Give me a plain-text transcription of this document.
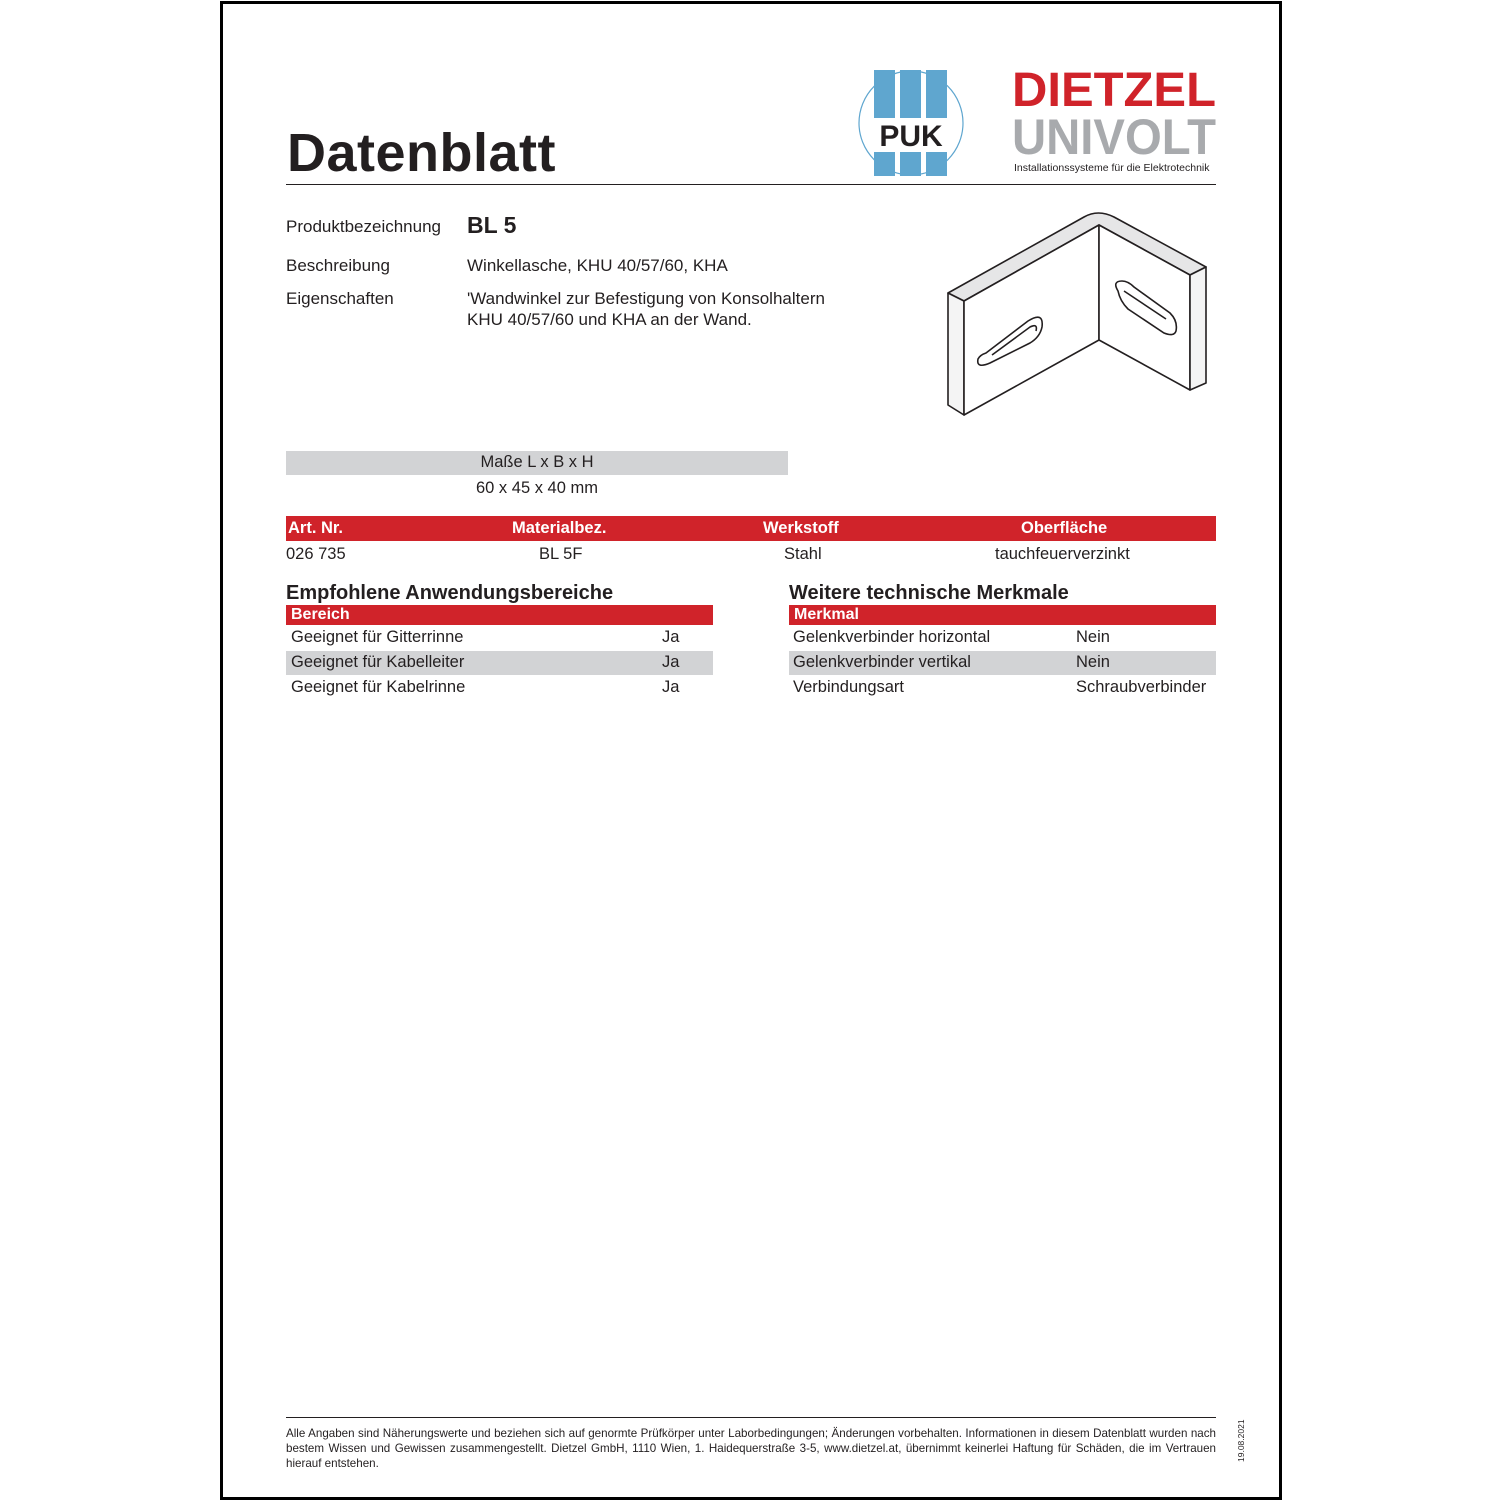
Datenblatt	PUK
DIETZEL
UNIVOLT
Installationssysteme für die Elektrotechnik
Produktbezeichnung BL 5
Beschreibung	Winkellasche, KHU 40/57/60, KHA
Eigenschaften	'Wandwinkel zur Befestigung von Konsolhaltern
KHU 40/57/60 und KHA an der Wand.
Maße L x B x H
60 x 45 x 40 mm
Art. Nr.	Materialbez.	Werkstoff	Oberfläche
026 735	BL 5F	Stahl	tauchfeuerverzinkt
Empfohlene Anwendungsbereiche
Bereich
Geeignet für Gitterrinne	Ja
Geeignet für Kabelleiter	Ja
Geeignet für Kabelrinne	Ja
Weitere technische Merkmale
Merkmal
Gelenkverbinder horizontal	Nein
Gelenkverbinder vertikal	Nein
Verbindungsart	Schraubverbinder
Alle Angaben sind Näherungswerte und beziehen sich auf genormte Prüfkörper unter Laborbedingungen; Änderungen vorbehalten. Informationen in diesem Datenblatt wurden nach bestem Wissen und Gewissen zusammengestellt. Dietzel GmbH, 1110 Wien, 1. Haidequerstraße 3-5, www.dietzel.at, übernimmt keinerlei Haftung für Schäden, die im Vertrauen hierauf entstehen.
19.08.2021
